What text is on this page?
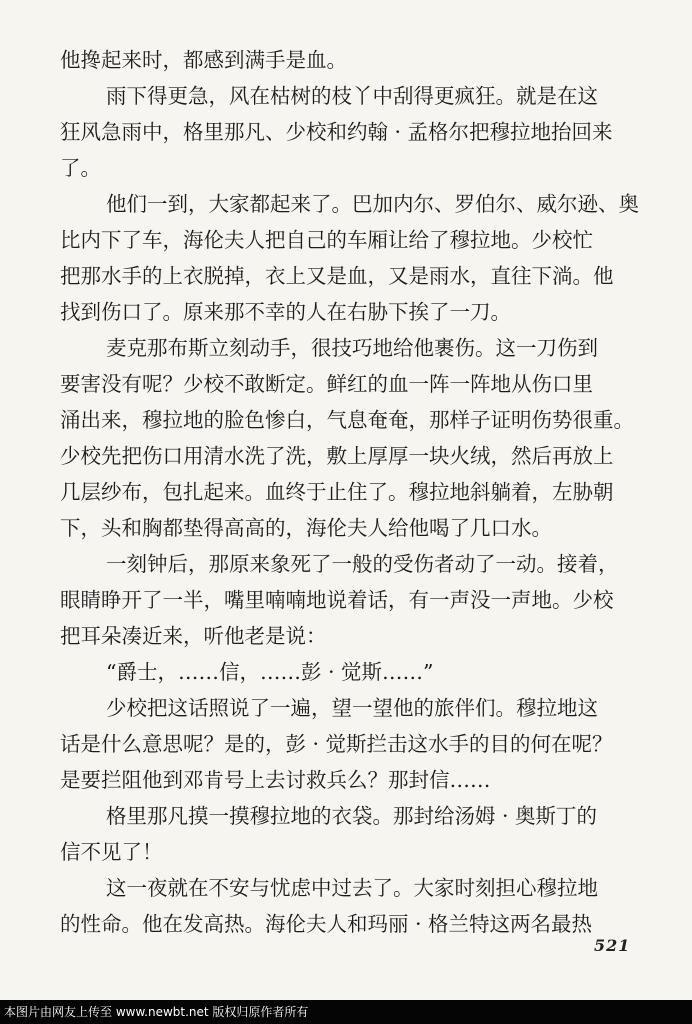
他搀起来时，都感到满手是血。
雨下得更急，风在枯树的枝丫中刮得更疯狂。就是在这
狂风急雨中，格里那凡、少校和约翰 · 孟格尔把穆拉地抬回来
了。
他们一到，大家都起来了。巴加内尔、罗伯尔、威尔逊、奥
比内下了车，海伦夫人把自己的车厢让给了穆拉地。少校忙
把那水手的上衣脱掉，衣上又是血，又是雨水，直往下淌。他
找到伤口了。原来那不幸的人在右胁下挨了一刀。
麦克那布斯立刻动手，很技巧地给他裹伤。这一刀伤到
要害没有呢？少校不敢断定。鲜红的血一阵一阵地从伤口里
涌出来，穆拉地的脸色惨白，气息奄奄，那样子证明伤势很重。
少校先把伤口用清水洗了洗，敷上厚厚一块火绒，然后再放上
几层纱布，包扎起来。血终于止住了。穆拉地斜躺着，左胁朝
下，头和胸都垫得高高的，海伦夫人给他喝了几口水。
一刻钟后，那原来象死了一般的受伤者动了一动。接着，
眼睛睁开了一半，嘴里喃喃地说着话，有一声没一声地。少校
把耳朵凑近来，听他老是说：
“爵士，……信，……彭 · 觉斯……”
少校把这话照说了一遍，望一望他的旅伴们。穆拉地这
话是什么意思呢？是的，彭 · 觉斯拦击这水手的目的何在呢？
是要拦阻他到邓肯号上去讨救兵么？那封信……
格里那凡摸一摸穆拉地的衣袋。那封给汤姆 · 奥斯丁的
信不见了！
这一夜就在不安与忧虑中过去了。大家时刻担心穆拉地
的性命。他在发高热。海伦夫人和玛丽 · 格兰特这两名最热
521
本图片由网友上传至 www.newbt.net 版权归原作者所有
